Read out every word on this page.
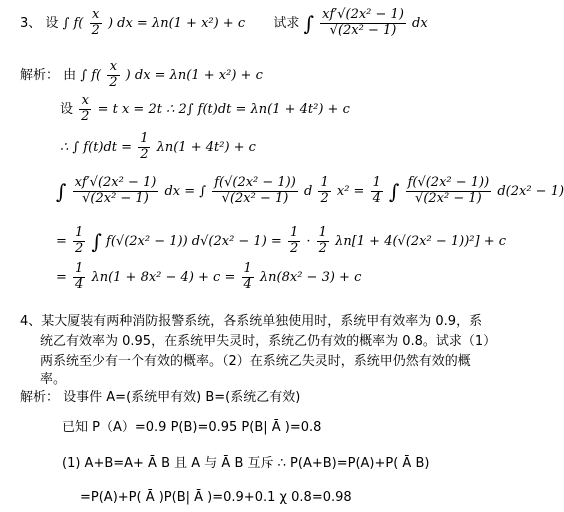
3、 设 ∫ $f( \frac{x}{2}$ ) dx = λn(1 + x²) + c 试求 ∫ $\frac{\text{xf′√(2x² − 1)}}{\text{√(2x² − 1)}}$ dx
解析： 由 ∫ $f( \frac{x}{2}$ ) dx = λn(1 + x²) + c
设 $\frac{x}{2} = t$ x = 2t ∴ 2∫ f(t)dt = λn(1 + 4t²) + c
∴ ∫ $f(t)dt = \frac{1}{2} \lambda n(1 + 4t^2) + c$
∫ $\frac{\text{xf′√(2x² − 1)}}{\text{√(2x² − 1)}}$ dx = ∫ $\frac{\text{f(√(2x² − 1))}}{\text{√(2x² − 1)}}$ d $\frac{1}{2} x^2 = \frac{1}{4}$ ∫ $\frac{\text{f(√(2x² − 1))}}{\text{√(2x² − 1)}} d(2x^2 - 1)$
= $\frac{1}{2}$ ∫ f(√(2x² − 1)) $d√(2x^2 - 1) = \frac{1}{2} \cdot \frac{1}{2} \lambda n[1 + 4(√(2x^2 - 1))^2] + c$
= $\frac{1}{4} \lambda n(1 + 8x^2 - 4) + c = \frac{1}{4} \lambda n(8x^2 - 3) + c$
4、某大厦装有两种消防报警系统，各系统单独使用时，系统甲有效率为 0.9，系
统乙有效率为 0.95，在系统甲失灵时，系统乙仍有效的概率为 0.8。试求（1）
两系统至少有一个有效的概率。（2）在系统乙失灵时，系统甲仍然有效的概
率。
解析： 设事件 A=(系统甲有效) B=(系统乙有效)
已知 P（A）=0.9 P(B)=0.95 P(B| Ā )=0.8
(1) A+B=A+ Ā B 且 A 与 Ā B 互斥 ∴ P(A+B)=P(A)+P( Ā B)
=P(A)+P( Ā )P(B| Ā )=0.9+0.1 χ 0.8=0.98
